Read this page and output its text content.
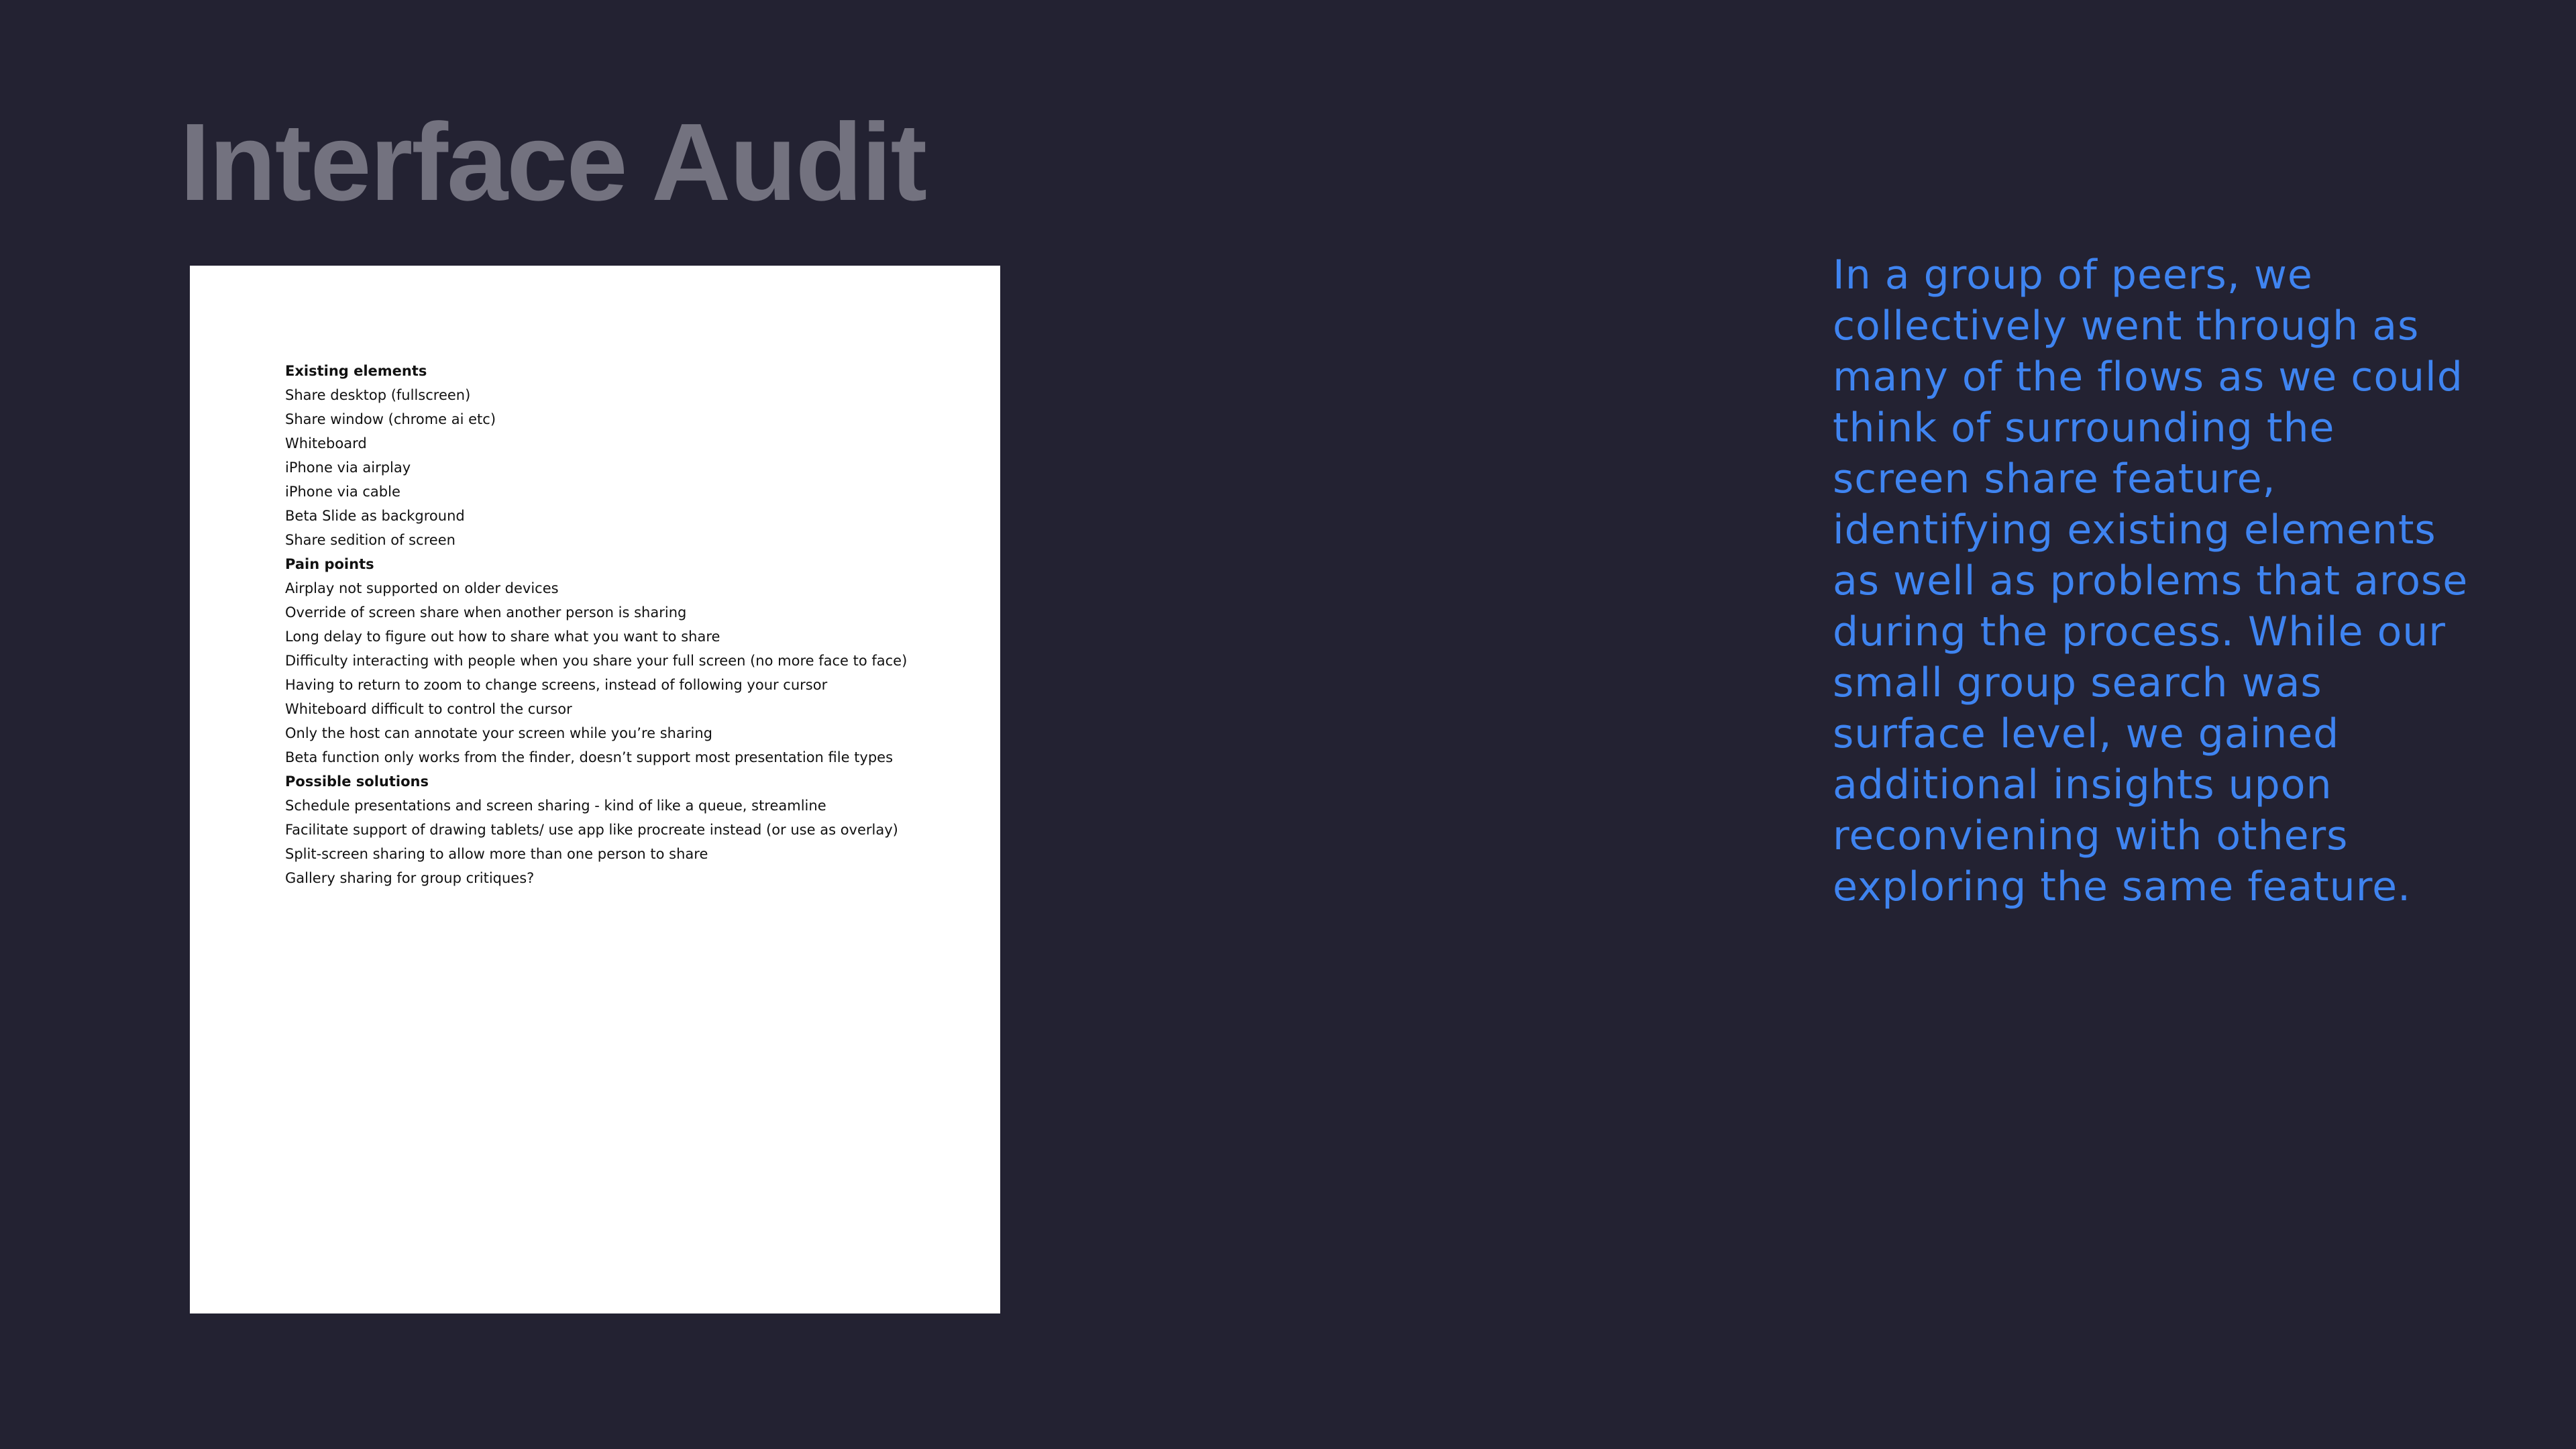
Interface Audit
Existing elements
Share desktop (fullscreen)
Share window (chrome ai etc)
Whiteboard
iPhone via airplay
iPhone via cable
Beta Slide as background
Share sedition of screen
Pain points
Airplay not supported on older devices
Override of screen share when another person is sharing
Long delay to figure out how to share what you want to share
Difficulty interacting with people when you share your full screen (no more face to face)
Having to return to zoom to change screens, instead of following your cursor
Whiteboard difficult to control the cursor
Only the host can annotate your screen while you’re sharing
Beta function only works from the finder, doesn’t support most presentation file types
Possible solutions
Schedule presentations and screen sharing - kind of like a queue, streamline
Facilitate support of drawing tablets/ use app like procreate instead (or use as overlay)
Split-screen sharing to allow more than one person to share
Gallery sharing for group critiques?
In a group of peers, we
collectively went through as
many of the flows as we could
think of surrounding the
screen share feature,
identifying existing elements
as well as problems that arose
during the process. While our
small group search was
surface level, we gained
additional insights upon
reconviening with others
exploring the same feature.
